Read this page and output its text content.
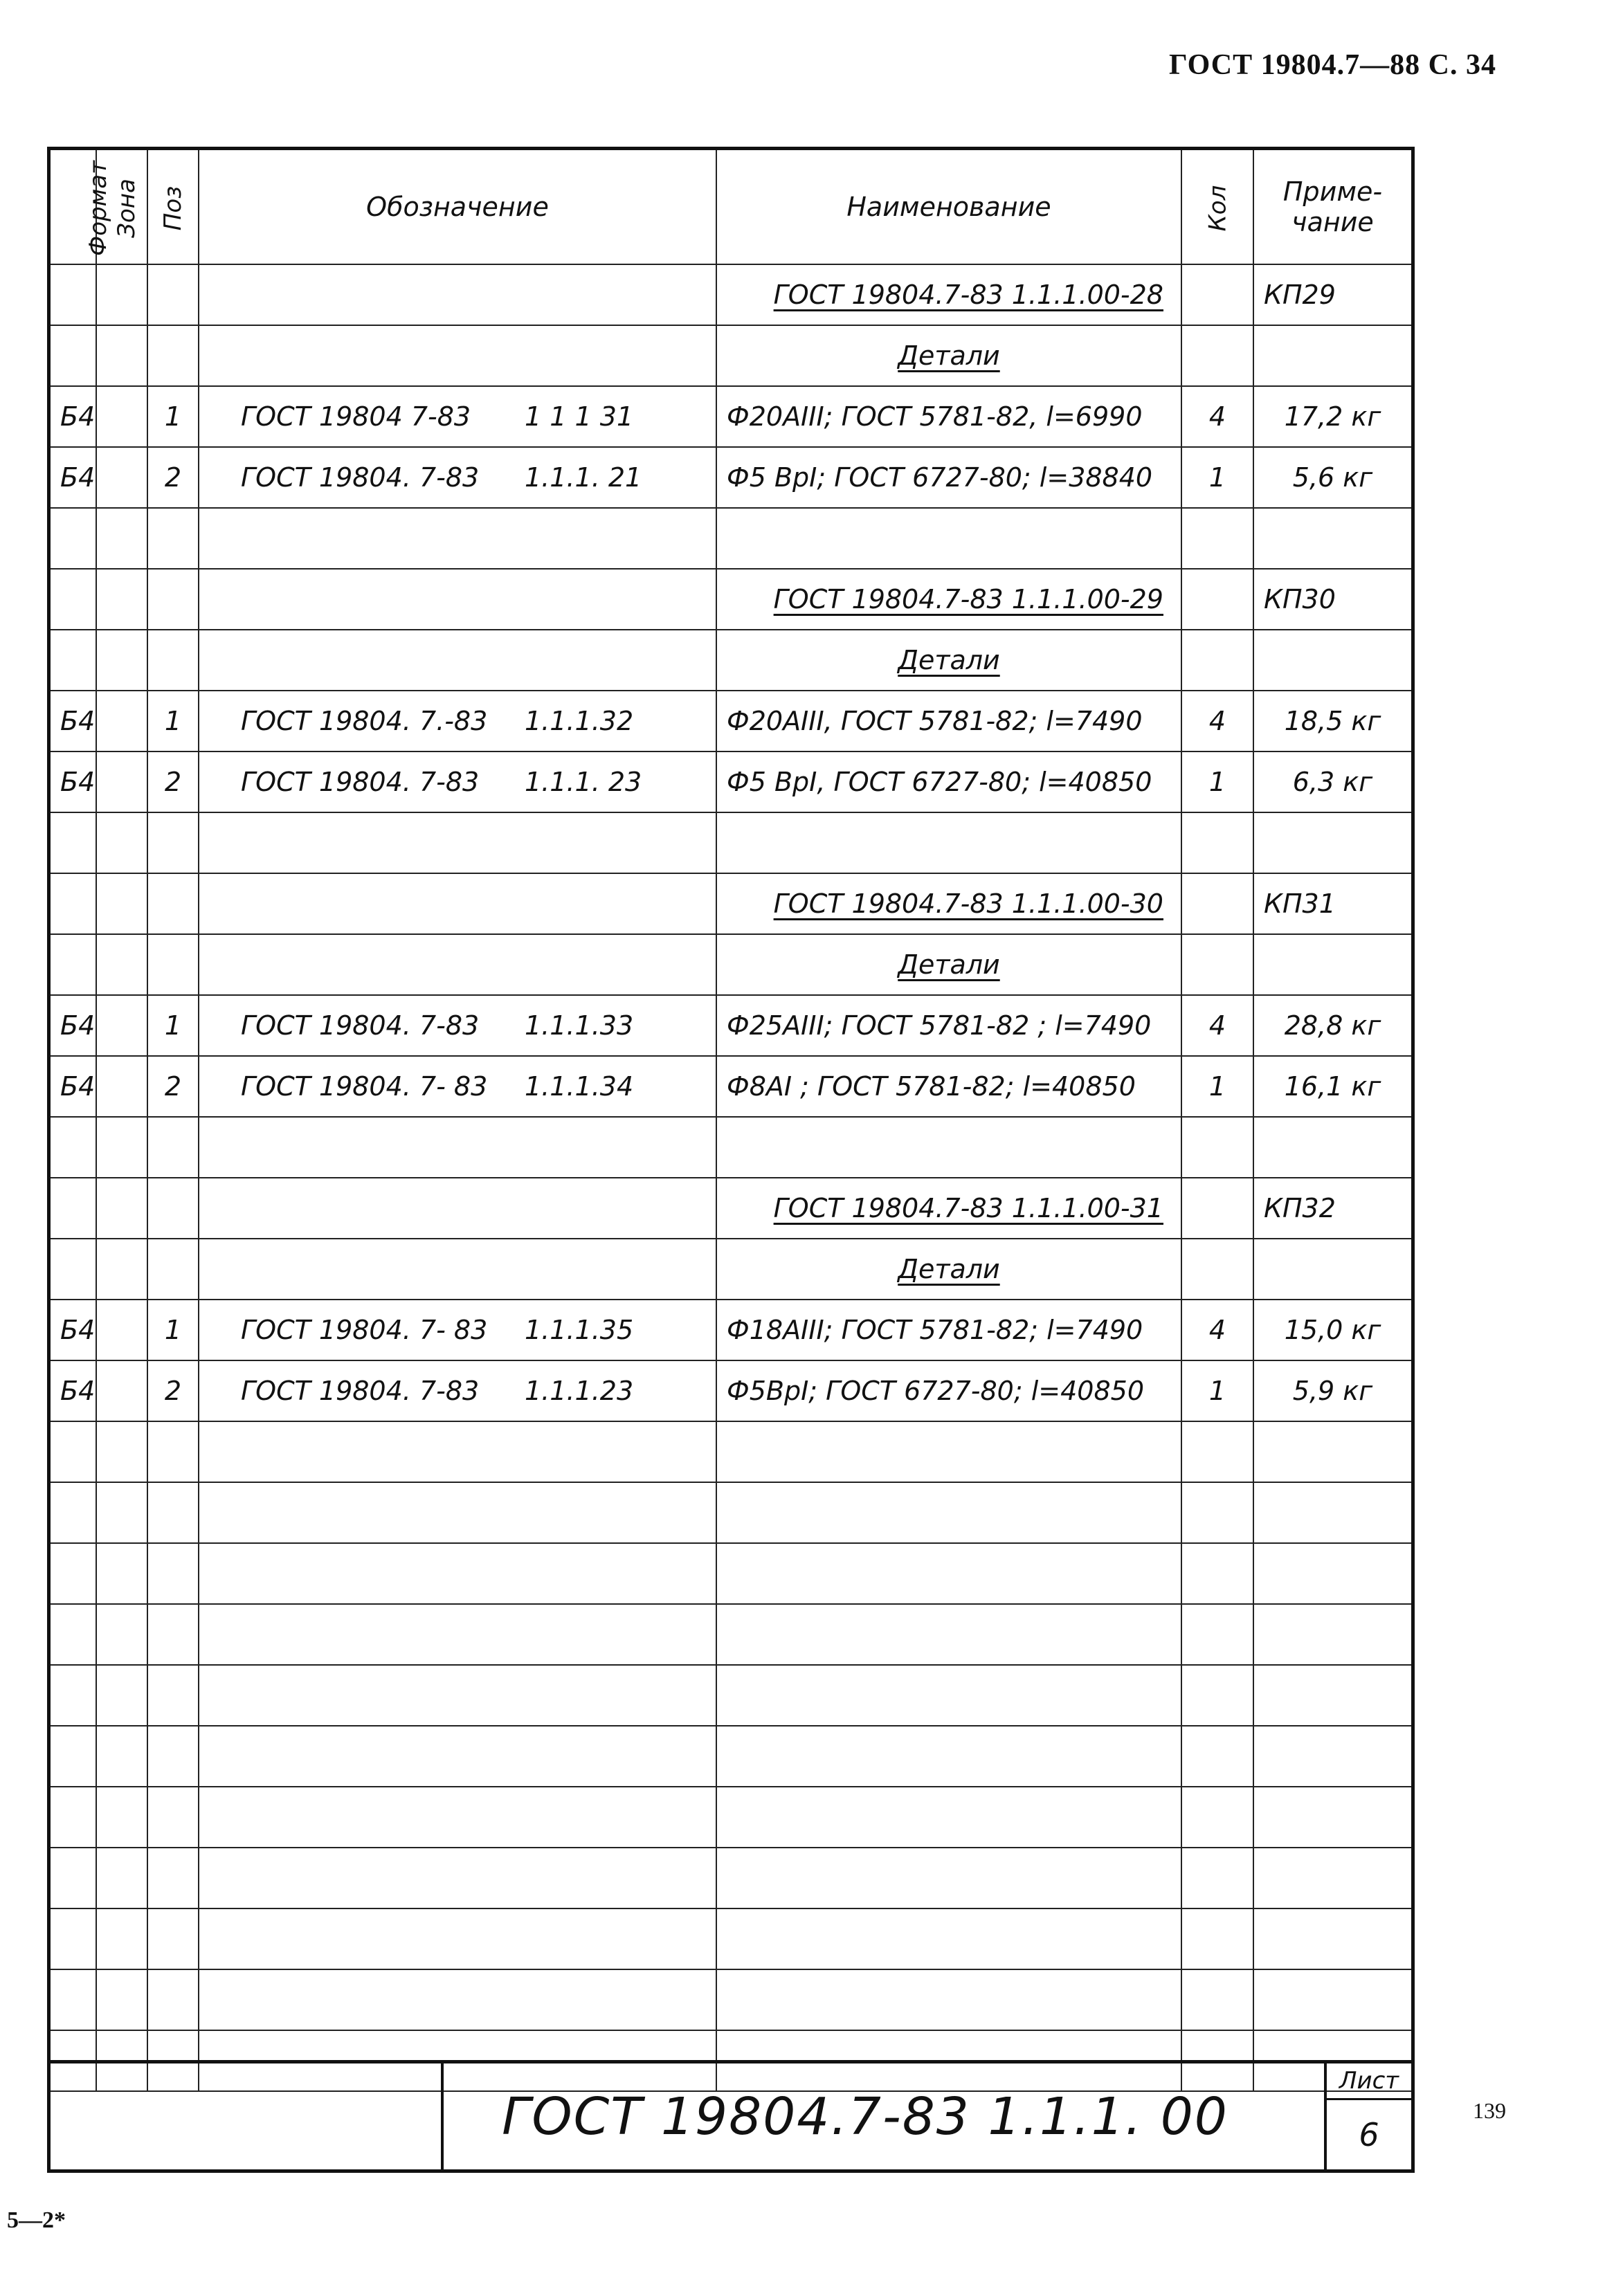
ГОСТ 19804.7—88 С. 34
Формат	Зона	Поз	Обозначение	Наименование	Кол	Приме- чание
				ГОСТ 19804.7-83 1.1.1.00-28		КП29
				Детали		
Б4		1	ГОСТ 19804 7-83 1 1 1 31	Ф20АIII; ГОСТ 5781-82, l=6990	4	17,2 кг
Б4		2	ГОСТ 19804. 7-83 1.1.1. 21	Ф5 ВрI; ГОСТ 6727-80; l=38840	1	5,6 кг

				ГОСТ 19804.7-83 1.1.1.00-29		КП30
				Детали		
Б4		1	ГОСТ 19804. 7.-83 1.1.1.32	Ф20АIII, ГОСТ 5781-82; l=7490	4	18,5 кг
Б4		2	ГОСТ 19804. 7-83 1.1.1. 23	Ф5 ВрI, ГОСТ 6727-80; l=40850	1	6,3 кг

				ГОСТ 19804.7-83 1.1.1.00-30		КП31
				Детали		
Б4		1	ГОСТ 19804. 7-83 1.1.1.33	Ф25АIII; ГОСТ 5781-82 ; l=7490	4	28,8 кг
Б4		2	ГОСТ 19804. 7- 83 1.1.1.34	Ф8АI ; ГОСТ 5781-82; l=40850	1	16,1 кг

				ГОСТ 19804.7-83 1.1.1.00-31		КП32
				Детали		
Б4		1	ГОСТ 19804. 7- 83 1.1.1.35	Ф18АIII; ГОСТ 5781-82; l=7490	4	15,0 кг
Б4		2	ГОСТ 19804. 7-83 1.1.1.23	Ф5ВрI; ГОСТ 6727-80; l=40850	1	5,9 кг

ГОСТ 19804.7-83 1.1.1. 00
Лист
6
139
5—2*
